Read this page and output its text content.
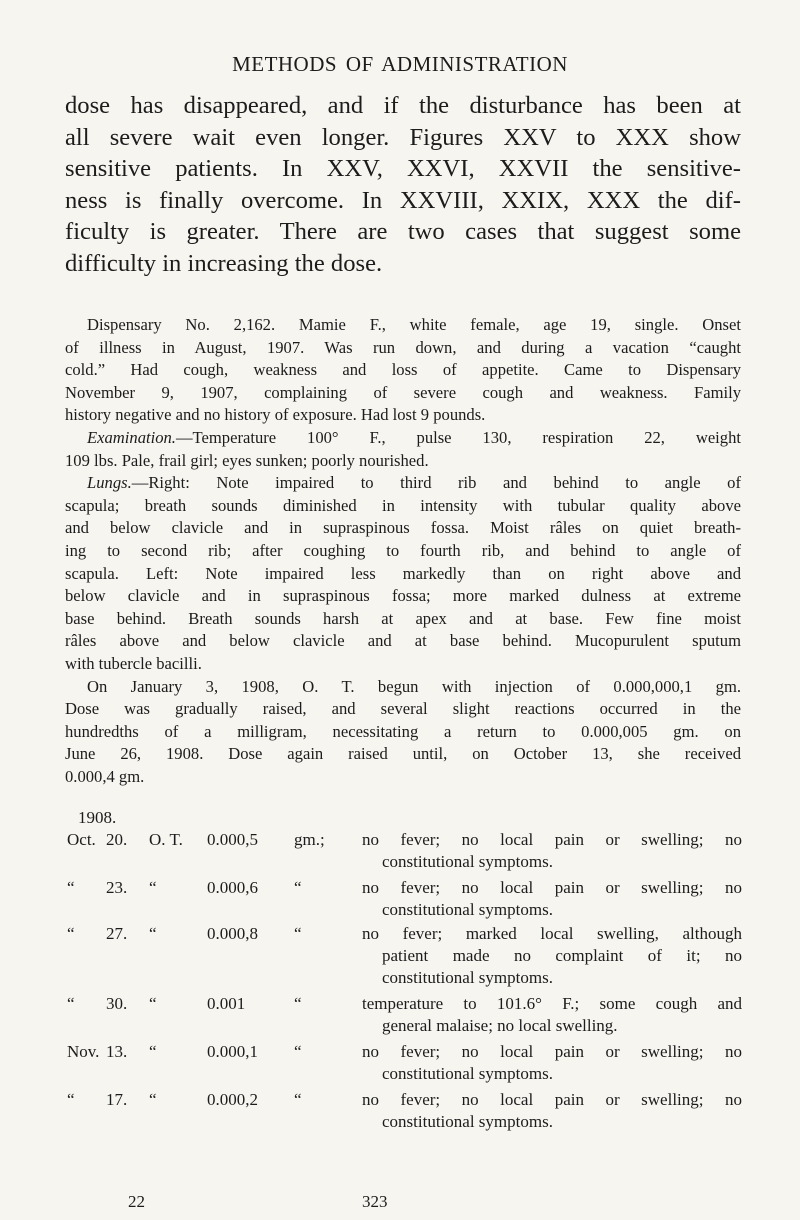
METHODS OF ADMINISTRATION

dose has disappeared, and if the disturbance has been at
all severe wait even longer. Figures XXV to XXX show
sensitive patients. In XXV, XXVI, XXVII the sensitive-
ness is finally overcome. In XXVIII, XXIX, XXX the dif-
ficulty is greater. There are two cases that suggest some
difficulty in increasing the dose.

Dispensary No. 2,162. Mamie F., white female, age 19, single. Onset
of illness in August, 1907. Was run down, and during a vacation “caught
cold.” Had cough, weakness and loss of appetite. Came to Dispensary
November 9, 1907, complaining of severe cough and weakness. Family
history negative and no history of exposure. Had lost 9 pounds.
Examination.—Temperature 100° F., pulse 130, respiration 22, weight
109 lbs. Pale, frail girl; eyes sunken; poorly nourished.
Lungs.—Right: Note impaired to third rib and behind to angle of
scapula; breath sounds diminished in intensity with tubular quality above
and below clavicle and in supraspinous fossa. Moist râles on quiet breath-
ing to second rib; after coughing to fourth rib, and behind to angle of
scapula. Left: Note impaired less markedly than on right above and
below clavicle and in supraspinous fossa; more marked dulness at extreme
base behind. Breath sounds harsh at apex and at base. Few fine moist
râles above and below clavicle and at base behind. Mucopurulent sputum
with tubercle bacilli.
On January 3, 1908, O. T. begun with injection of 0.000,000,1 gm.
Dose was gradually raised, and several slight reactions occurred in the
hundredths of a milligram, necessitating a return to 0.000,005 gm. on
June 26, 1908. Dose again raised until, on October 13, she received
0.000,4 gm.

1908.
Oct. 20. O. T. 0.000,5 gm.; no fever; no local pain or swelling; no
constitutional symptoms.
“ 23. “	0.000,6 “	no fever; no local pain or swelling; no
constitutional symptoms.
“ 27. “	0.000,8 “	no fever; marked local swelling, although
patient made no complaint of it; no
constitutional symptoms.
“ 30. “	0.001	“	temperature to 101.6° F.; some cough and
general malaise; no local swelling.
Nov. 13. “	0.000,1 “	no fever; no local pain or swelling; no
constitutional symptoms.
“ 17. “	0.000,2 “	no fever; no local pain or swelling; no
constitutional symptoms.
22	323
